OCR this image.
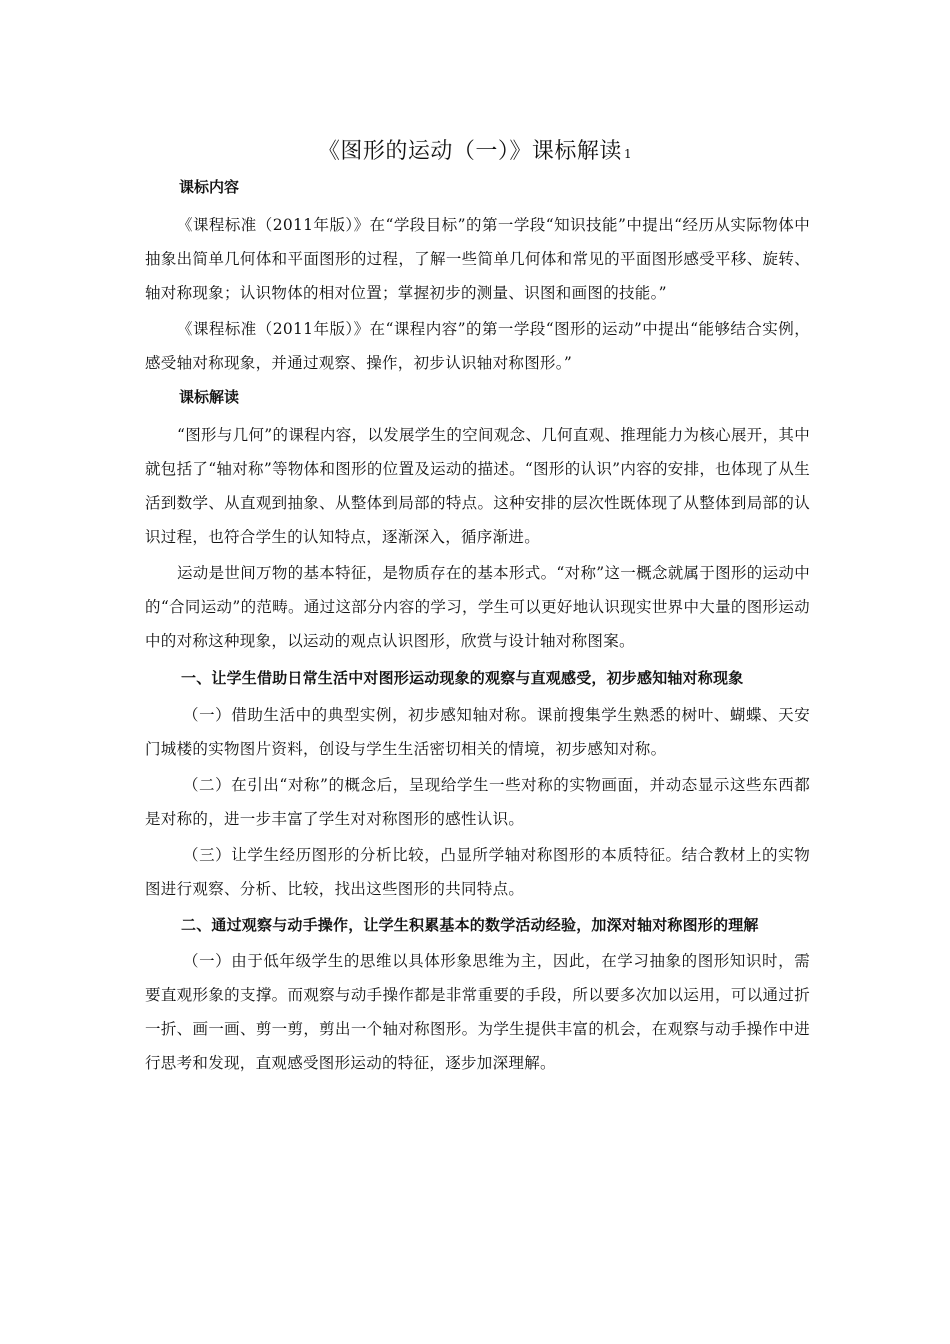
《图形的运动（一）》课标解读 1
课标内容

《课程标准（2011年版）》在“学段目标”的第一学段“知识技能”中提出“经历从实际物体中抽象出简单几何体和平面图形的过程，了解一些简单几何体和常见的平面图形感受平移、旋转、轴对称现象；认识物体的相对位置；掌握初步的测量、识图和画图的技能。”

《课程标准（2011年版）》在“课程内容”的第一学段“图形的运动”中提出“能够结合实例，感受轴对称现象，并通过观察、操作，初步认识轴对称图形。”

课标解读

“图形与几何”的课程内容，以发展学生的空间观念、几何直观、推理能力为核心展开，其中就包括了“轴对称”等物体和图形的位置及运动的描述。“图形的认识”内容的安排，也体现了从生活到数学、从直观到抽象、从整体到局部的特点。这种安排的层次性既体现了从整体到局部的认识过程，也符合学生的认知特点，逐渐深入，循序渐进。

运动是世间万物的基本特征，是物质存在的基本形式。“对称”这一概念就属于图形的运动中的“合同运动”的范畴。通过这部分内容的学习，学生可以更好地认识现实世界中大量的图形运动中的对称这种现象，以运动的观点认识图形，欣赏与设计轴对称图案。

一、让学生借助日常生活中对图形运动现象的观察与直观感受，初步感知轴对称现象

（一）借助生活中的典型实例，初步感知轴对称。课前搜集学生熟悉的树叶、蝴蝶、天安门城楼的实物图片资料，创设与学生生活密切相关的情境，初步感知对称。

（二）在引出“对称”的概念后，呈现给学生一些对称的实物画面，并动态显示这些东西都是对称的，进一步丰富了学生对对称图形的感性认识。

（三）让学生经历图形的分析比较，凸显所学轴对称图形的本质特征。结合教材上的实物图进行观察、分析、比较，找出这些图形的共同特点。

二、通过观察与动手操作，让学生积累基本的数学活动经验，加深对轴对称图形的理解

（一）由于低年级学生的思维以具体形象思维为主，因此，在学习抽象的图形知识时，需要直观形象的支撑。而观察与动手操作都是非常重要的手段，所以要多次加以运用，可以通过折一折、画一画、剪一剪，剪出一个轴对称图形。为学生提供丰富的机会，在观察与动手操作中进行思考和发现，直观感受图形运动的特征，逐步加深理解。
